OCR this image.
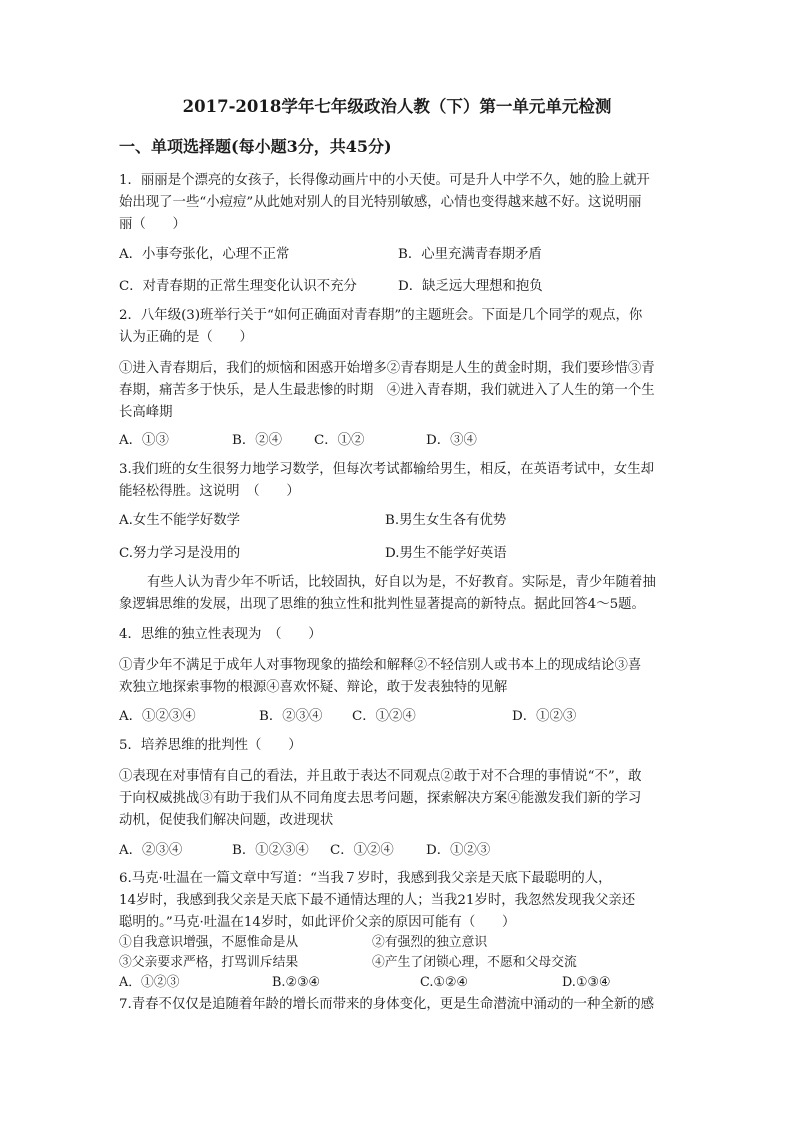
2017-2018学年七年级政治人教（下）第一单元单元检测
一、单项选择题(每小题3分，共45分)
1．丽丽是个漂亮的女孩子，长得像动画片中的小天使。可是升人中学不久，她的脸上就开
始出现了一些“小痘痘”从此她对别人的目光特别敏感，心情也变得越来越不好。这说明丽
丽（　　）
A．小事夸张化，心理不正常	B．心里充满青春期矛盾
C．对青春期的正常生理变化认识不充分	D．缺乏远大理想和抱负
2．八年级(3)班举行关于“如何正确面对青春期”的主题班会。下面是几个同学的观点，你
认为正确的是（　　）
①进入青春期后，我们的烦恼和困惑开始增多②青春期是人生的黄金时期，我们要珍惜③青
春期，痛苦多于快乐，是人生最悲惨的时期　④进入青春期，我们就进入了人生的第一个生
长高峰期
A．①③	B．②④ C．①②	D．③④
3.我们班的女生很努力地学习数学，但每次考试都输给男生，相反，在英语考试中，女生却
能轻松得胜。这说明　（　　）
A.女生不能学好数学	B.男生女生各有优势
C.努力学习是没用的	D.男生不能学好英语
有些人认为青少年不听话，比较固执，好自以为是，不好教育。实际是，青少年随着抽
象逻辑思维的发展，出现了思维的独立性和批判性显著提高的新特点。据此回答4～5题。
4．思维的独立性表现为　（　　）
①青少年不满足于成年人对事物现象的描绘和解释②不轻信别人或书本上的现成结论③喜
欢独立地探索事物的根源④喜欢怀疑、辩论，敢于发表独特的见解
A．①②③④	B．②③④ C．①②④	D．①②③
5．培养思维的批判性（　　）
①表现在对事情有自己的看法，并且敢于表达不同观点②敢于对不合理的事情说“不”，敢
于向权威挑战③有助于我们从不同角度去思考问题，探索解决方案④能激发我们新的学习
动机，促使我们解决问题，改进现状
A．②③④	B．①②③④ C．①②④ D．①②③
6.马克·吐温在一篇文章中写道：“当我７岁时，我感到我父亲是天底下最聪明的人，
14岁时，我感到我父亲是天底下最不通情达理的人；当我21岁时，我忽然发现我父亲还
聪明的。”马克·吐温在14岁时，如此评价父亲的原因可能有（　　）
①自我意识增强，不愿惟命是从	②有强烈的独立意识
③父亲要求严格，打骂训斥结果	④产生了闭锁心理，不愿和父母交流
A．①②③	B.②③④	C.①②④	D.①③④
7.青春不仅仅是追随着年龄的增长而带来的身体变化，更是生命潜流中涌动的一种全新的感
